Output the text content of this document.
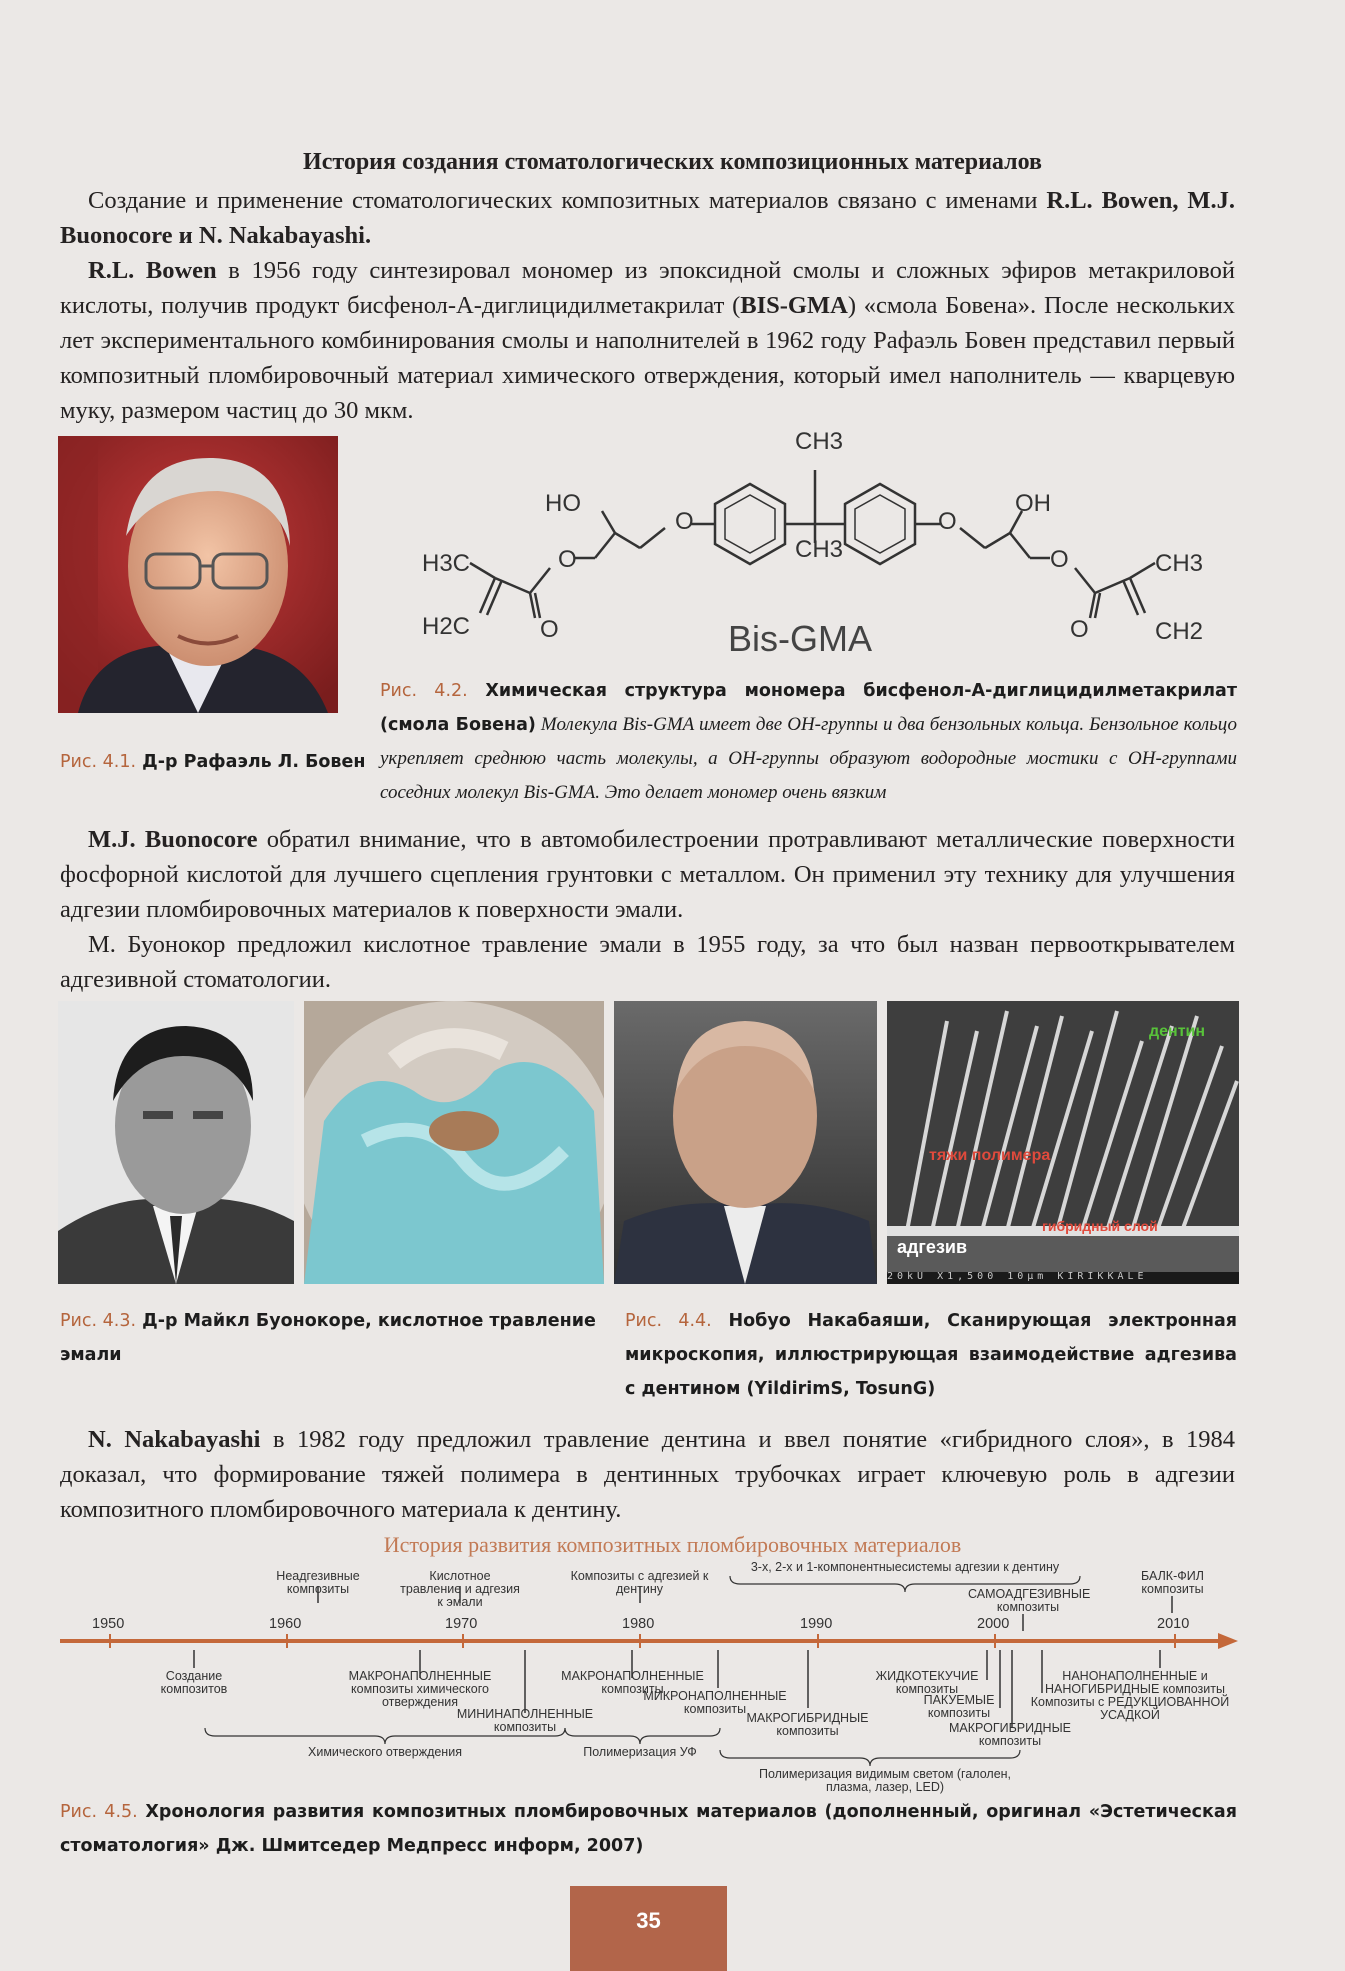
История создания стоматологических композиционных материалов
Создание и применение стоматологических композитных материалов связано с именами R.L. Bowen, M.J. Buonocore и N. Nakabayashi.
R.L. Bowen в 1956 году синтезировал мономер из эпоксидной смолы и сложных эфиров метакриловой кислоты, получив продукт бисфенол-А-диглицидилметакрилат (BIS-GMA) «смола Бовена». После нескольких лет экспериментального комбинирования смолы и наполнителей в 1962 году Рафаэль Бовен представил первый композитный пломбировочный материал химического отверждения, который имел наполнитель — кварцевую муку, размером частиц до 30 мкм.
Рис. 4.1. Д-р Рафаэль Л. Бовен
CH3
CH3
O	O
HO	OH
O	O
H3C
H2C	O	O
CH3
CH2
Bis-GMA
Рис. 4.2. Химическая структура мономера бисфенол-А-диглицидилметакрилат (смола Бовена) Молекула Bis-GMA имеет две ОН-группы и два бензольных кольца. Бензольное кольцо укрепляет среднюю часть молекулы, а ОН-группы образуют водородные мостики с ОН-группами соседних молекул Bis-GMA. Это делает мономер очень вязким
M.J. Buonocore обратил внимание, что в автомобилестроении протравливают металлические поверхности фосфорной кислотой для лучшего сцепления грунтовки с металлом. Он применил эту технику для улучшения адгезии пломбировочных материалов к поверхности эмали.
М. Буонокор предложил кислотное травление эмали в 1955 году, за что был назван первооткрывателем адгезивной стоматологии.
дентин
тяжи полимера
гибридный слой
адгезив
20kU X1,500 10µm KIRIKKALE
Рис. 4.3. Д-р Майкл Буонокоре, кислотное травление эмали
Рис. 4.4. Нобуо Накабаяши, Сканирующая электронная микроскопия, иллюстрирующая взаимодействие адгезива с дентином (YildirimS, TosunG)
N. Nakabayashi в 1982 году предложил травление дентина и ввел понятие «гибридного слоя», в 1984 доказал, что формирование тяжей полимера в дентинных трубочках играет ключевую роль в адгезии композитного пломбировочного материала к дентину.
История развития композитных пломбировочных материалов
1950	1960	1970	1980	1990	2000	2010
Неадгезивные композиты
Кислотное травление и адгезия к эмали
Композиты с адгезией к дентину
3-х, 2-х и 1-компонентныесистемы адгезии к дентину
САМОАДГЕЗИВНЫЕ композиты
БАЛК-ФИЛ композиты
Создание композитов
МАКРОНАПОЛНЕННЫЕ композиты химического отверждения
МИНИНАПОЛНЕННЫЕ композиты
МАКРОНАПОЛНЕННЫЕ композиты
МИКРОНАПОЛНЕННЫЕ композиты
МАКРОГИБРИДНЫЕ композиты
ЖИДКОТЕКУЧИЕ композиты
ПАКУЕМЫЕ композиты
МАКРОГИБРИДНЫЕ композиты
НАНОНАПОЛНЕННЫЕ и НАНОГИБРИДНЫЕ композиты
Композиты с РЕДУКЦИОВАННОЙ УСАДКОЙ
Химического отверждения	Полимеризация УФ
Полимеризация видимым светом (галолен, плазма, лазер, LED)
Рис. 4.5. Хронология развития композитных пломбировочных материалов (дополненный, оригинал «Эстетическая стоматология» Дж. Шмитседер Медпресс информ, 2007)
35
